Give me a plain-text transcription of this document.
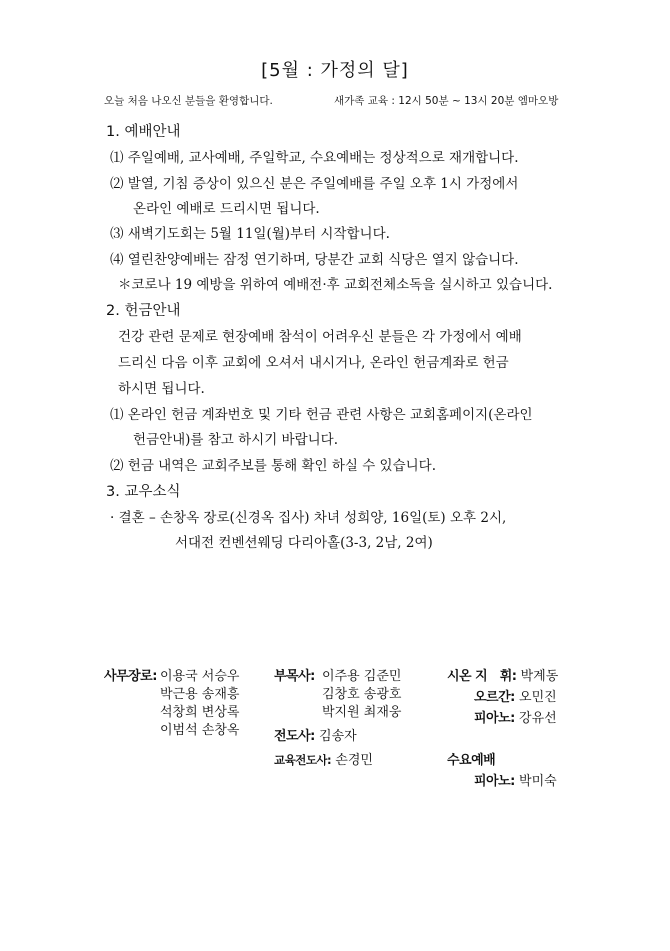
[5월 : 가정의 달]
오늘 처음 나오신 분들을 환영합니다.	새가족 교육 : 12시 50분 ~ 13시 20분 엠마오방
1. 예배안내
⑴ 주일예배, 교사예배, 주일학교, 수요예배는 정상적으로 재개합니다.
⑵ 발열, 기침 증상이 있으신 분은 주일예배를 주일 오후 1시 가정에서
온라인 예배로 드리시면 됩니다.
⑶ 새벽기도회는 5월 11일(월)부터 시작합니다.
⑷ 열린찬양예배는 잠정 연기하며, 당분간 교회 식당은 열지 않습니다.
＊코로나 19 예방을 위하여 예배전·후 교회전체소독을 실시하고 있습니다.
2. 헌금안내
건강 관련 문제로 현장예배 참석이 어려우신 분들은 각 가정에서 예배
드리신 다음 이후 교회에 오셔서 내시거나, 온라인 헌금계좌로 헌금
하시면 됩니다.
⑴ 온라인 헌금 계좌번호 및 기타 헌금 관련 사항은 교회홈페이지(온라인
헌금안내)를 참고 하시기 바랍니다.
⑵ 헌금 내역은 교회주보를 통해 확인 하실 수 있습니다.
3. 교우소식
· 결혼 – 손창옥 장로(신경옥 집사) 차녀 성희양, 16일(토) 오후 2시,
서대전 컨벤션웨딩 다리아홀(3-3, 2남, 2여)
사무장로: 이용국 서승우
박근용 송재흥
석창희 변상록
이범석 손창옥
부목사: 이주용 김준민
김창호 송광호
박지원 최재웅
전도사: 김송자
교육전도사: 손경민
시온 지　휘: 박계동
오르간: 오민진
피아노: 강유선
수요예배
피아노: 박미숙
